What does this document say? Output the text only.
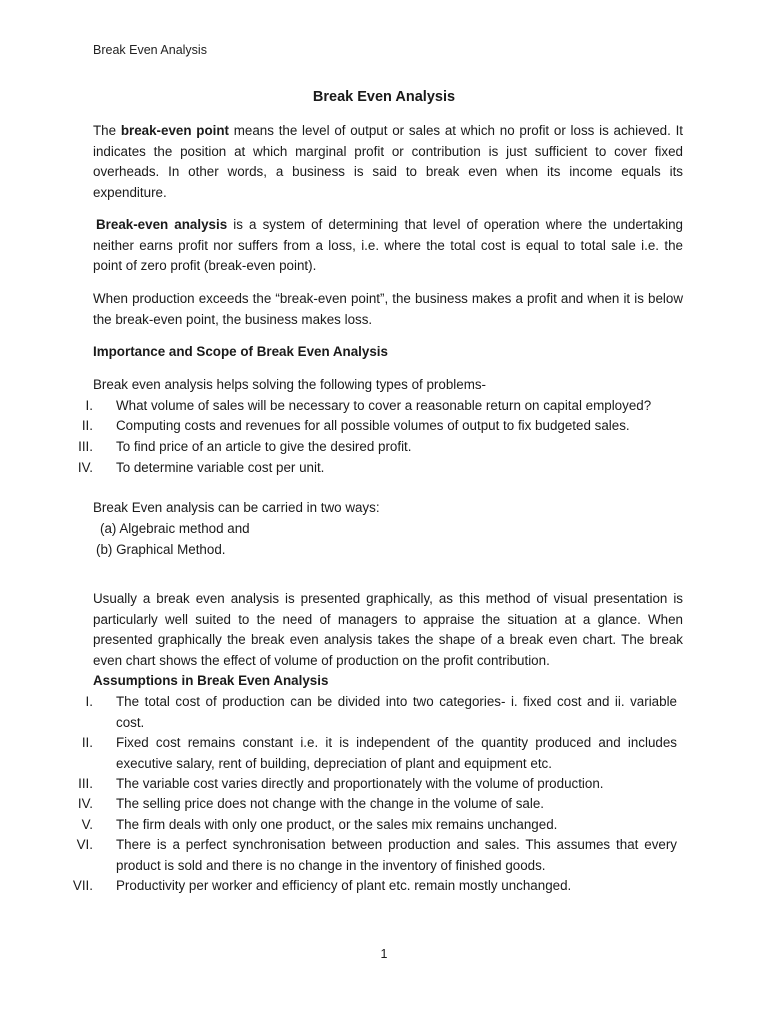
Break Even Analysis
Break Even Analysis
The break-even point means the level of output or sales at which no profit or loss is achieved. It indicates the position at which marginal profit or contribution is just sufficient to cover fixed overheads. In other words, a business is said to break even when its income equals its expenditure.
Break-even analysis is a system of determining that level of operation where the undertaking neither earns profit nor suffers from a loss, i.e. where the total cost is equal to total sale i.e. the point of zero profit (break-even point).
When production exceeds the “break-even point”, the business makes a profit and when it is below the break-even point, the business makes loss.
Importance and Scope of Break Even Analysis
Break even analysis helps solving the following types of problems-
I. What volume of sales will be necessary to cover a reasonable return on capital employed?
II. Computing costs and revenues for all possible volumes of output to fix budgeted sales.
III. To find price of an article to give the desired profit.
IV. To determine variable cost per unit.
Break Even analysis can be carried in two ways:
(a) Algebraic method and
(b) Graphical Method.
Usually a break even analysis is presented graphically, as this method of visual presentation is particularly well suited to the need of managers to appraise the situation at a glance. When presented graphically the break even analysis takes the shape of a break even chart. The break even chart shows the effect of volume of production on the profit contribution.
Assumptions in Break Even Analysis
I. The total cost of production can be divided into two categories- i. fixed cost and ii. variable cost.
II. Fixed cost remains constant i.e. it is independent of the quantity produced and includes executive salary, rent of building, depreciation of plant and equipment etc.
III. The variable cost varies directly and proportionately with the volume of production.
IV. The selling price does not change with the change in the volume of sale.
V. The firm deals with only one product, or the sales mix remains unchanged.
VI. There is a perfect synchronisation between production and sales. This assumes that every product is sold and there is no change in the inventory of finished goods.
VII. Productivity per worker and efficiency of plant etc. remain mostly unchanged.
1
